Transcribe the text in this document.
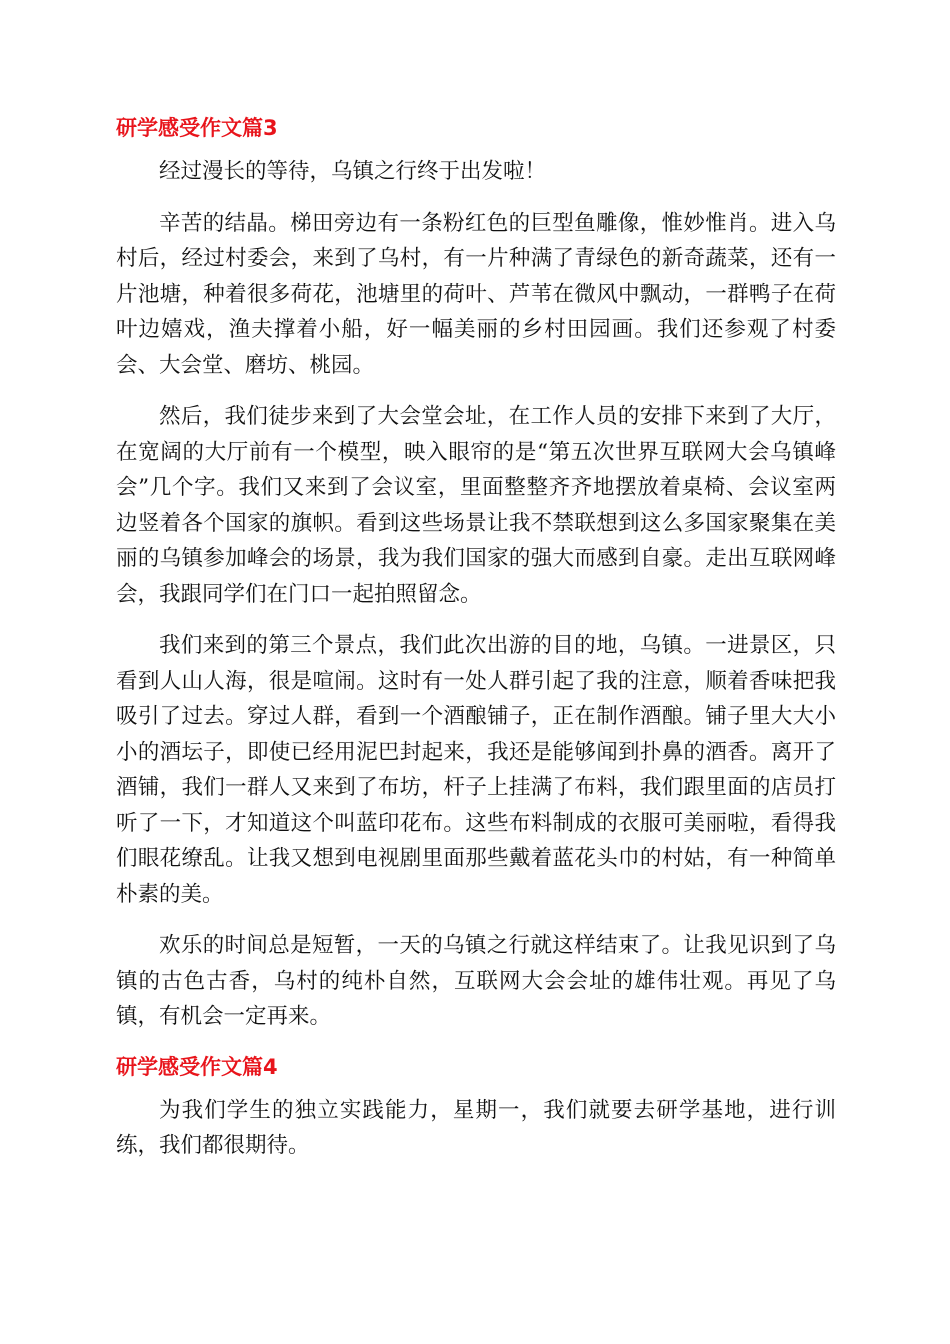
研学感受作文篇3

经过漫长的等待，乌镇之行终于出发啦！

辛苦的结晶。梯田旁边有一条粉红色的巨型鱼雕像，惟妙惟肖。进入乌村后，经过村委会，来到了乌村，有一片种满了青绿色的新奇蔬菜，还有一片池塘，种着很多荷花，池塘里的荷叶、芦苇在微风中飘动，一群鸭子在荷叶边嬉戏，渔夫撑着小船，好一幅美丽的乡村田园画。我们还参观了村委会、大会堂、磨坊、桃园。

然后，我们徒步来到了大会堂会址，在工作人员的安排下来到了大厅，在宽阔的大厅前有一个模型，映入眼帘的是“第五次世界互联网大会乌镇峰会”几个字。我们又来到了会议室，里面整整齐齐地摆放着桌椅、会议室两边竖着各个国家的旗帜。看到这些场景让我不禁联想到这么多国家聚集在美丽的乌镇参加峰会的场景，我为我们国家的强大而感到自豪。走出互联网峰会，我跟同学们在门口一起拍照留念。

我们来到的第三个景点，我们此次出游的目的地，乌镇。一进景区，只看到人山人海，很是喧闹。这时有一处人群引起了我的注意，顺着香味把我吸引了过去。穿过人群，看到一个酒酿铺子，正在制作酒酿。铺子里大大小小的酒坛子，即使已经用泥巴封起来，我还是能够闻到扑鼻的酒香。离开了酒铺，我们一群人又来到了布坊，杆子上挂满了布料，我们跟里面的店员打听了一下，才知道这个叫蓝印花布。这些布料制成的衣服可美丽啦，看得我们眼花缭乱。让我又想到电视剧里面那些戴着蓝花头巾的村姑，有一种简单朴素的美。

欢乐的时间总是短暂，一天的乌镇之行就这样结束了。让我见识到了乌镇的古色古香，乌村的纯朴自然，互联网大会会址的雄伟壮观。再见了乌镇，有机会一定再来。

研学感受作文篇4

为我们学生的独立实践能力，星期一，我们就要去研学基地，进行训练，我们都很期待。
